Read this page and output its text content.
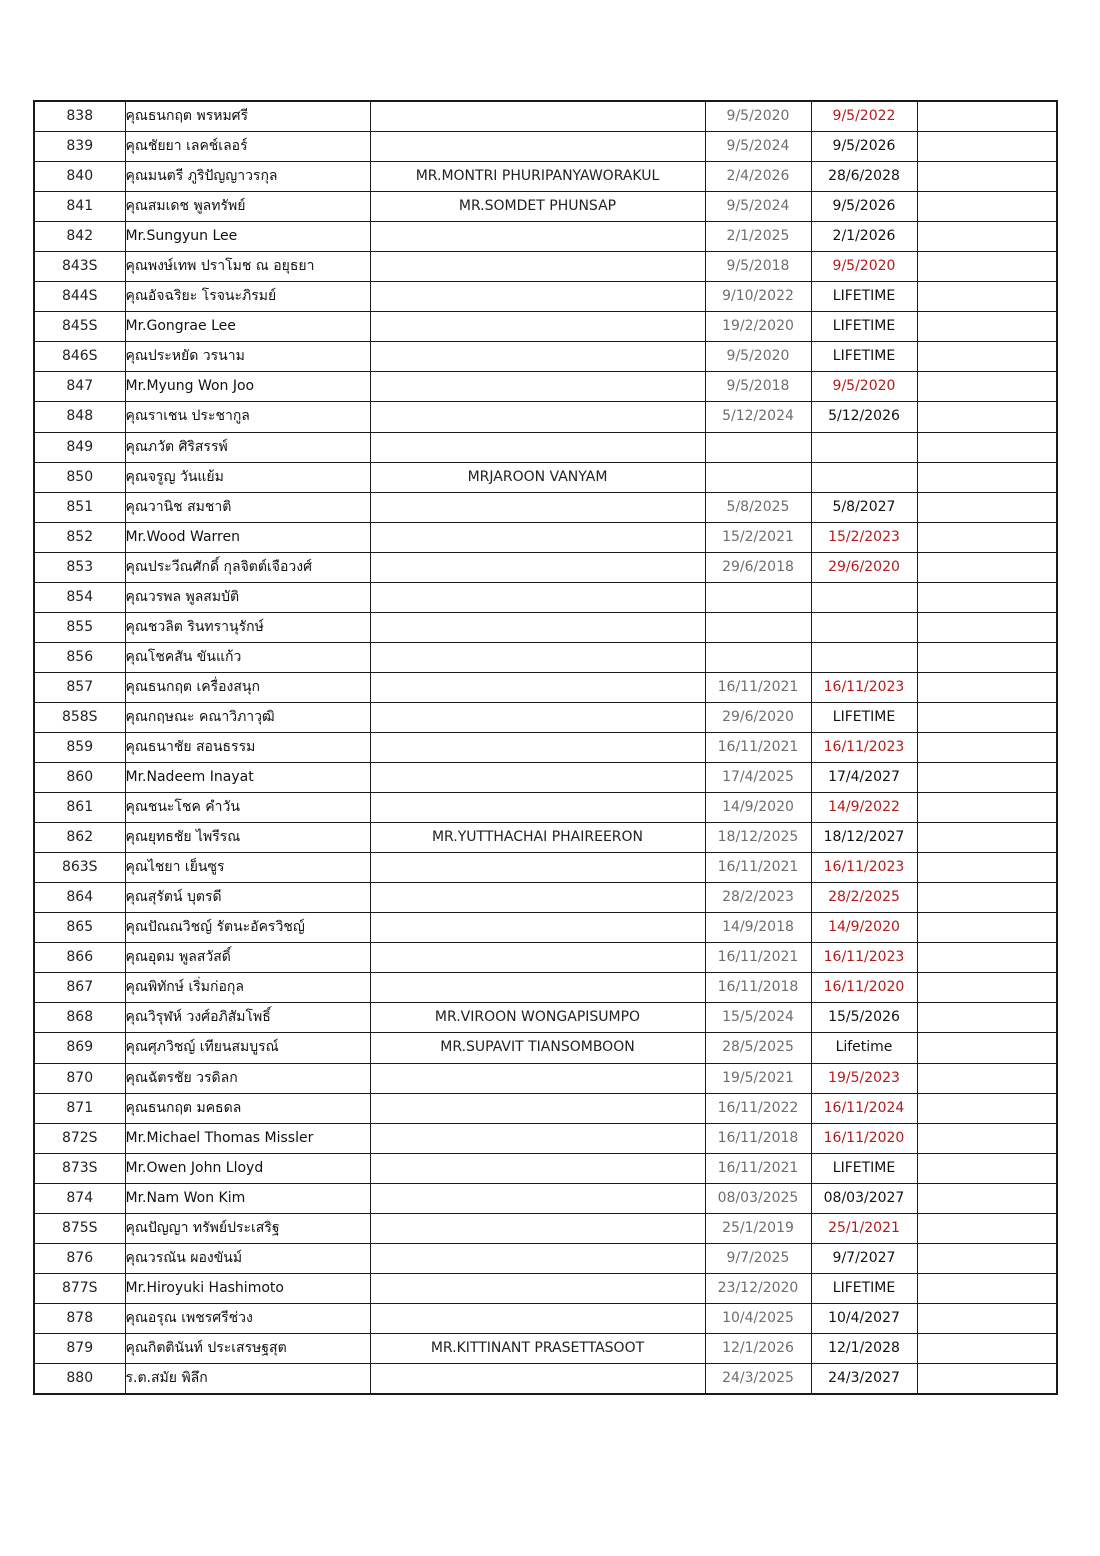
838	คุณธนกฤต พรหมศรี		9/5/2020	9/5/2022	
839	คุณชัยยา เลคช์เลอร์		9/5/2024	9/5/2026	
840	คุณมนตรี ภูริปัญญาวรกุล	MR.MONTRI PHURIPANYAWORAKUL	2/4/2026	28/6/2028	
841	คุณสมเดช พูลทรัพย์	MR.SOMDET PHUNSAP	9/5/2024	9/5/2026	
842	Mr.Sungyun Lee		2/1/2025	2/1/2026	
843S	คุณพงษ์เทพ ปราโมช ณ อยุธยา		9/5/2018	9/5/2020	
844S	คุณอัจฉริยะ โรจนะภิรมย์		9/10/2022	LIFETIME	
845S	Mr.Gongrae Lee		19/2/2020	LIFETIME	
846S	คุณประหยัด วรนาม		9/5/2020	LIFETIME	
847	Mr.Myung Won Joo		9/5/2018	9/5/2020	
848	คุณราเชน ประชากูล		5/12/2024	5/12/2026	
849	คุณภวัต ศิริสรรพ์				
850	คุณจรูญ วันแย้ม	MRJAROON VANYAM			
851	คุณวานิช สมชาติ		5/8/2025	5/8/2027	
852	Mr.Wood Warren		15/2/2021	15/2/2023	
853	คุณประวีณศักดิ์ กุลจิตต์เจือวงศ์		29/6/2018	29/6/2020	
854	คุณวรพล พูลสมบัติ				
855	คุณชวลิต รินทรานุรักษ์				
856	คุณโชคสัน ขันแก้ว				
857	คุณธนกฤต เครื่องสนุก		16/11/2021	16/11/2023	
858S	คุณกฤษณะ คณาวิภาวุฒิ		29/6/2020	LIFETIME	
859	คุณธนาชัย สอนธรรม		16/11/2021	16/11/2023	
860	Mr.Nadeem Inayat		17/4/2025	17/4/2027	
861	คุณชนะโชค คำวัน		14/9/2020	14/9/2022	
862	คุณยุทธชัย ไพรีรณ	MR.YUTTHACHAI PHAIREERON	18/12/2025	18/12/2027	
863S	คุณไชยา เย็นซูร		16/11/2021	16/11/2023	
864	คุณสุรัตน์ บุตรดี		28/2/2023	28/2/2025	
865	คุณปัณณวิชญ์ รัตนะอัครวิชญ์		14/9/2018	14/9/2020	
866	คุณอุดม พูลสวัสดิ์		16/11/2021	16/11/2023	
867	คุณพิทักษ์ เริ่มก่อกุล		16/11/2018	16/11/2020	
868	คุณวิรุฬห์ วงศ์อภิสัมโพธิ์	MR.VIROON WONGAPISUMPO	15/5/2024	15/5/2026	
869	คุณศุภวิชญ์ เทียนสมบูรณ์	MR.SUPAVIT TIANSOMBOON	28/5/2025	Lifetime	
870	คุณฉัตรชัย วรดิลก		19/5/2021	19/5/2023	
871	คุณธนกฤต มคธดล		16/11/2022	16/11/2024	
872S	Mr.Michael Thomas Missler		16/11/2018	16/11/2020	
873S	Mr.Owen John Lloyd		16/11/2021	LIFETIME	
874	Mr.Nam Won Kim		08/03/2025	08/03/2027	
875S	คุณปัญญา ทรัพย์ประเสริฐ		25/1/2019	25/1/2021	
876	คุณวรณัน ผองขันม์		9/7/2025	9/7/2027	
877S	Mr.Hiroyuki Hashimoto		23/12/2020	LIFETIME	
878	คุณอรุณ เพชรศรีช่วง		10/4/2025	10/4/2027	
879	คุณกิตตินันท์ ประเสรษฐสุต	MR.KITTINANT PRASETTASOOT	12/1/2026	12/1/2028	
880	ร.ต.สมัย พิลึก		24/3/2025	24/3/2027	
